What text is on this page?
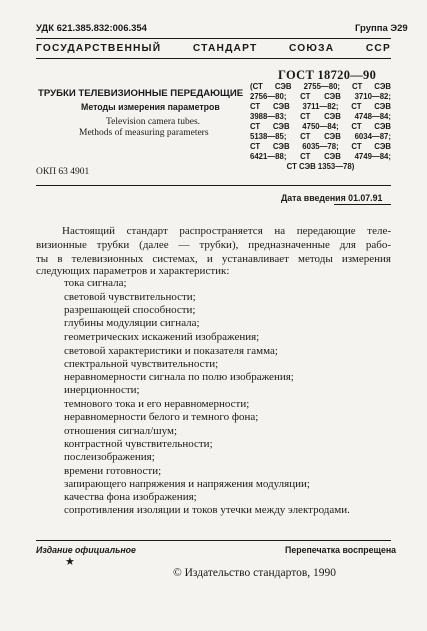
УДК 621.385.832:006.354	Группа Э29
ГОСУДАРСТВЕННЫЙ СТАНДАРТ СОЮЗА ССР
ТРУБКИ ТЕЛЕВИЗИОННЫЕ ПЕРЕДАЮЩИЕ
Методы измерения параметров
Television camera tubes.
Methods of measuring parameters
ГОСТ 18720—90
(СТ СЭВ 2755—80; СТ СЭВ
2756—80; СТ СЭВ 3710—82;
СТ СЭВ 3711—82; СТ СЭВ
3988—83; СТ СЭВ 4748—84;
СТ СЭВ 4750—84; СТ СЭВ
5138—85; СТ СЭВ 6034—87;
СТ СЭВ 6035—78; СТ СЭВ
6421—88; СТ СЭВ 4749—84;
СТ СЭВ 1353—78)
ОКП 63 4901
Дата введения 01.07.91
Настоящий стандарт распространяется на передающие теле-
визионные трубки (далее — трубки), предназначенные для рабо-
ты в телевизионных системах, и устанавливает методы измерения
следующих параметров и характеристик:
тока сигнала;
световой чувствительности;
разрешающей способности;
глубины модуляции сигнала;
геометрических искажений изображения;
световой характеристики и показателя гамма;
спектральной чувствительности;
неравномерности сигнала по полю изображения;
инерционности;
темнового тока и его неравномерности;
неравномерности белого и темного фона;
отношения сигнал/шум;
контрастной чувствительности;
послеизображения;
времени готовности;
запирающего напряжения и напряжения модуляции;
качества фона изображения;
сопротивления изоляции и токов утечки между электродами.
Издание официальное	Перепечатка воспрещена
★
© Издательство стандартов, 1990
